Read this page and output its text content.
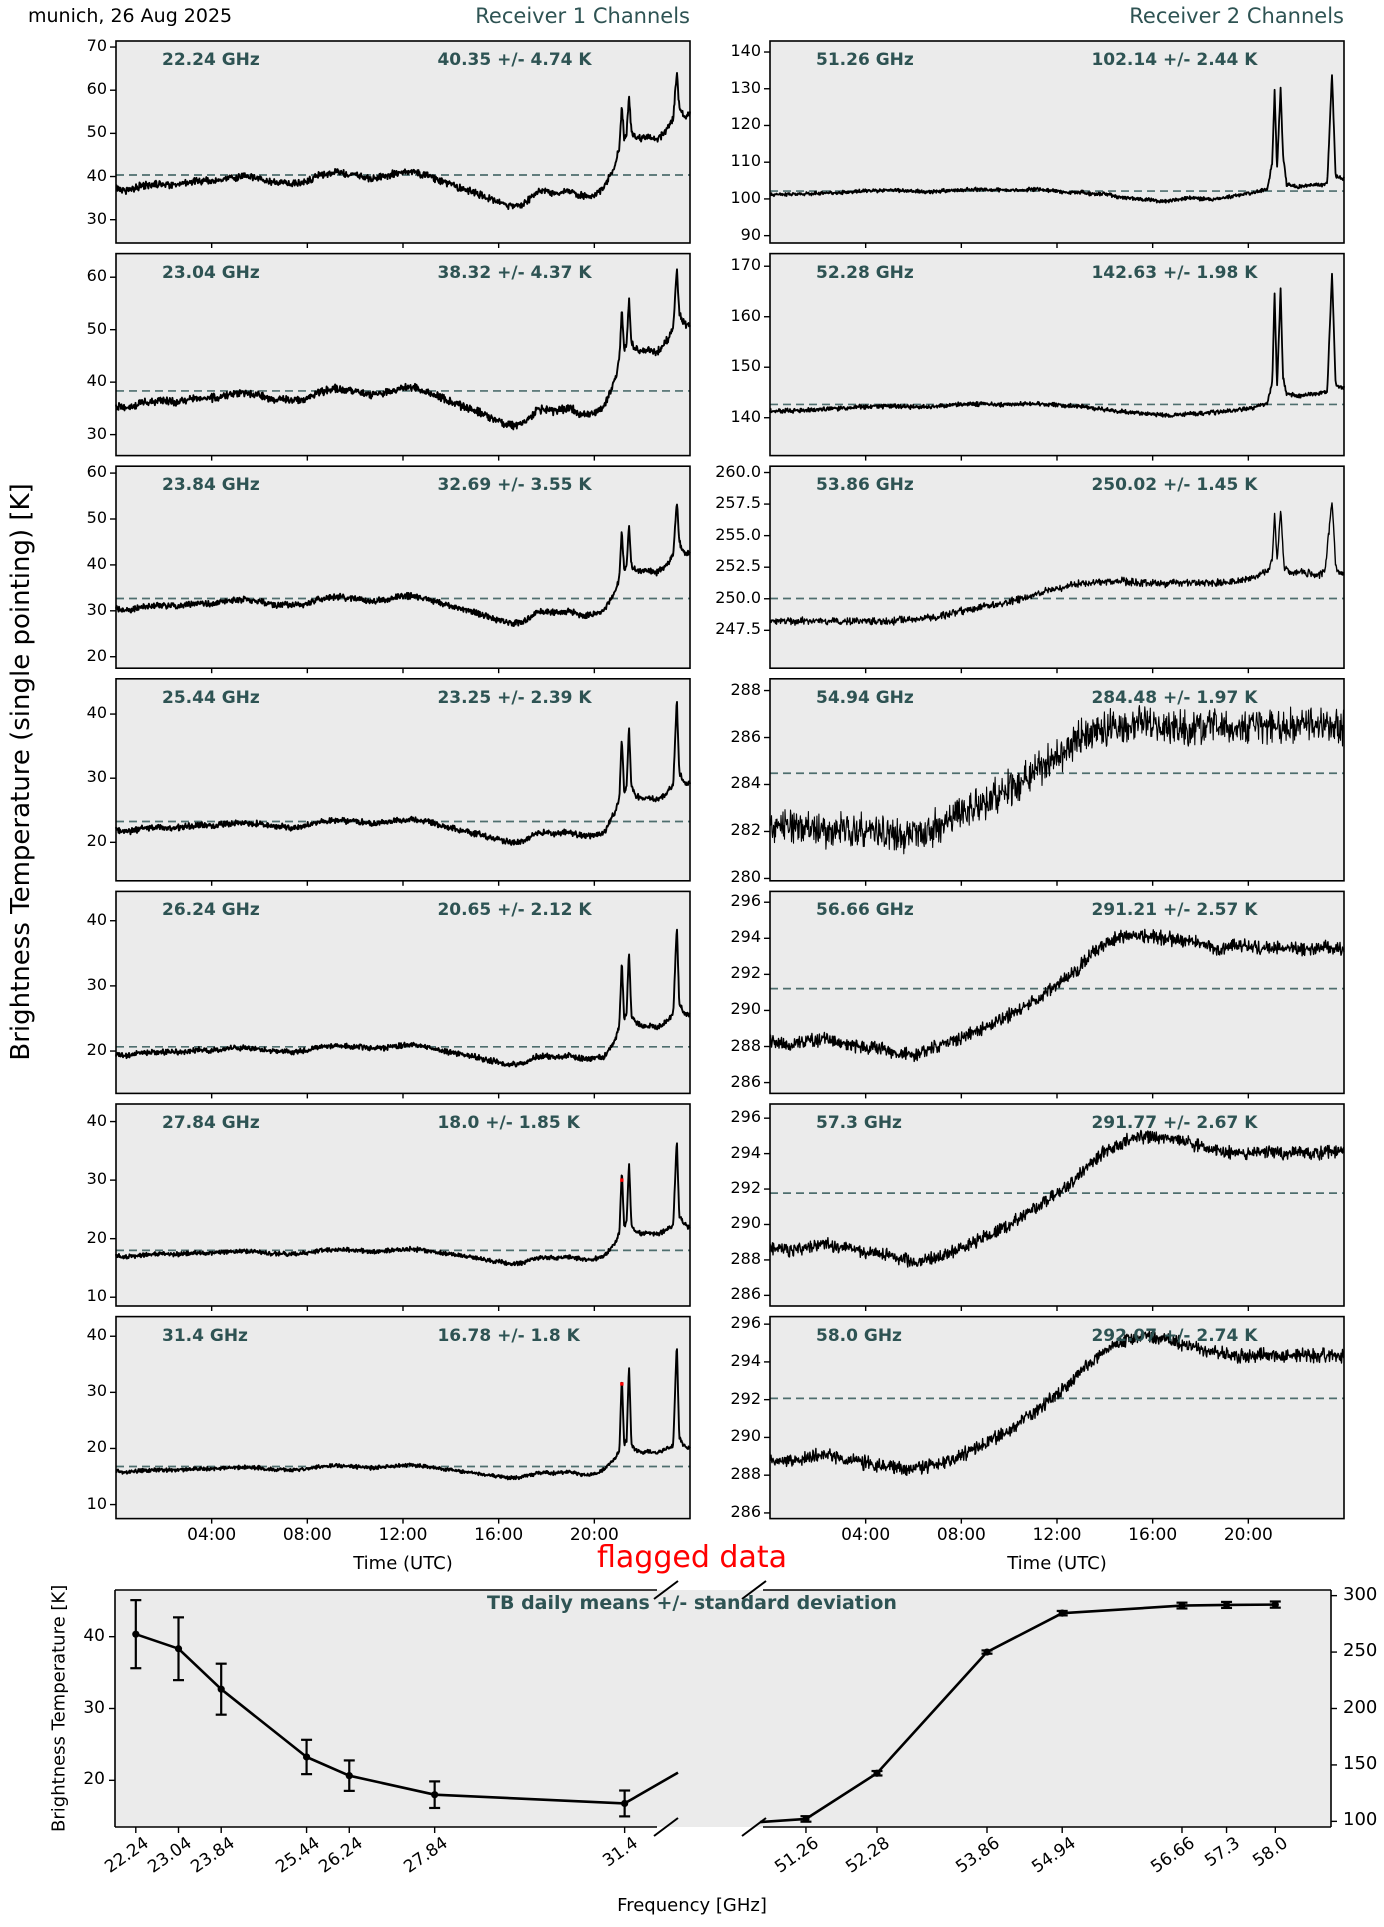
munich, 26 Aug 2025	Receiver 1 Channels	Receiver 2 Channels
Brightness Temperature (single pointing) [K]
Time (UTC)	Time (UTC)
flagged data
TB daily means +/- standard deviation
Brightness Temperature [K]
Frequency [GHz]
30
40
50
60
70
22.24 GHz	40.35 +/- 4.74 K
30
40
50
60	23.04 GHz	38.32 +/- 4.37 K
20
30
40
50
60
23.84 GHz	32.69 +/- 3.55 K
20
30
40
25.44 GHz	23.25 +/- 2.39 K
20
30
40	26.24 GHz	20.65 +/- 2.12 K
10
20
30
40	27.84 GHz	18.0 +/- 1.85 K
10
20
30
40
04:00	08:00	12:00	16:00	20:00
31.4 GHz	16.78 +/- 1.8 K
90
100
110
120
130
140	51.26 GHz	102.14 +/- 2.44 K
140
150
160
170	52.28 GHz	142.63 +/- 1.98 K
247.5
250.0
252.5
255.0
257.5
260.0
53.86 GHz	250.02 +/- 1.45 K
280
282
284
286
288	54.94 GHz	284.48 +/- 1.97 K
286
288
290
292
294
296	56.66 GHz	291.21 +/- 2.57 K
286
288
290
292
294
296	57.3 GHz	291.77 +/- 2.67 K
286
288
290
292
294
296
04:00	08:00	12:00	16:00	20:00
58.0 GHz	292.07 +/- 2.74 K
20
30
40
100
150
200
250
300
22.24
23.04
23.84 25.44
26.24 27.84	31.4	51.26 52.28	53.86 54.94	56.66 57.3 58.0
